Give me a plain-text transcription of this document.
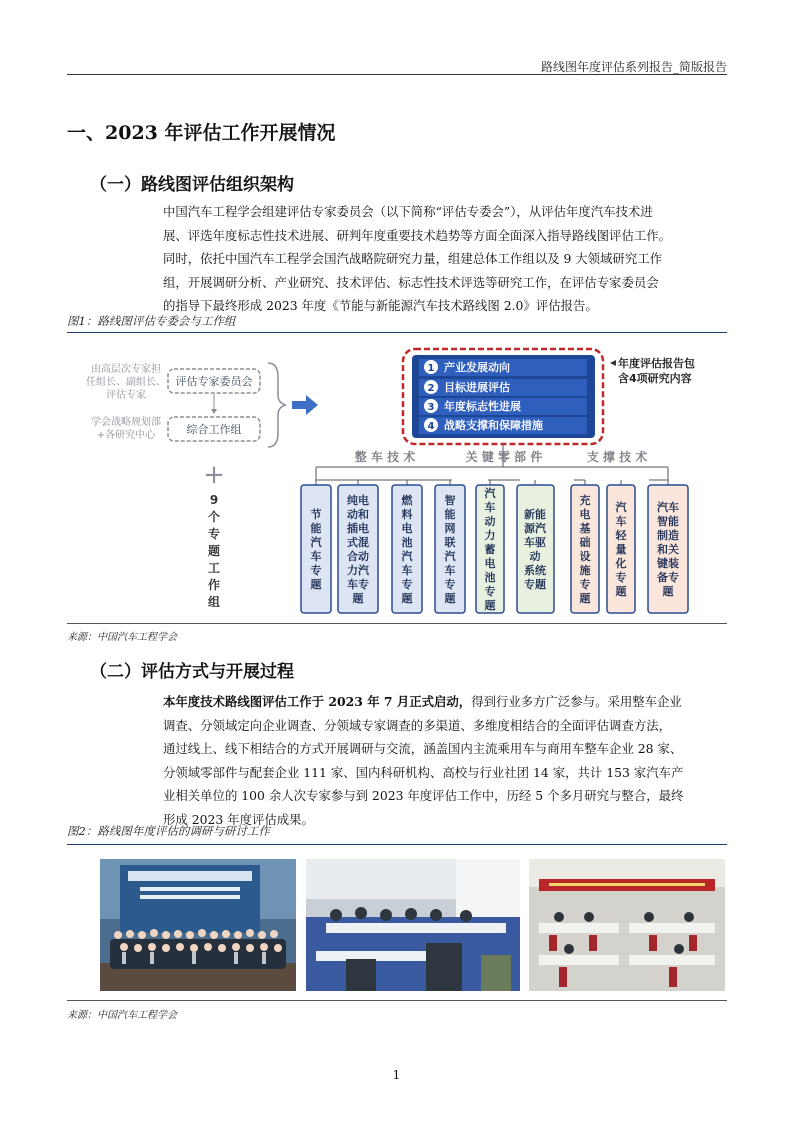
路线图年度评估系列报告_简版报告
一、2023 年评估工作开展情况
（一）路线图评估组织架构
中国汽车工程学会组建评估专家委员会（以下简称“评估专委会”），从评估年度汽车技术进
展、评选年度标志性技术进展、研判年度重要技术趋势等方面全面深入指导路线图评估工作。
同时，依托中国汽车工程学会国汽战略院研究力量，组建总体工作组以及 9 大领域研究工作
组，开展调研分析、产业研究、技术评估、标志性技术评选等研究工作，在评估专家委员会
的指导下最终形成 2023 年度《节能与新能源汽车技术路线图 2.0》评估报告。
图1：路线图评估专委会与工作组
由高层次专家担
任组长、副组长、
评估专家
学会战略规划部
+各研究中心
评估专家委员会
综合工作组
+
9
个
专
题
工
作
组
1 产业发展动向
2 目标进展评估
3 年度标志性进展
4 战略支撑和保障措施
年度评估报告包
含4项研究内容
整 车 技 术	关 键 零 部 件	支 撑 技 术
节
能
汽
车
专
题
纯电
动和
插电
式混
合动
力汽
车专
题
燃
料
电
池
汽
车
专
题
智
能
网
联
汽
车
专
题
汽
车
动
力
蓄
电
池
专
题
新能
源汽
车驱
动
系统
专题
充
电
基
础
设
施
专
题
汽
车
轻
量
化
专
题
汽车
智能
制造
和关
键装
备专
题
来源：中国汽车工程学会
（二）评估方式与开展过程
本年度技术路线图评估工作于 2023 年 7 月正式启动，得到行业多方广泛参与。采用整车企业
调查、分领域定向企业调查、分领域专家调查的多渠道、多维度相结合的全面评估调查方法，
通过线上、线下相结合的方式开展调研与交流，涵盖国内主流乘用车与商用车整车企业 28 家、
分领域零部件与配套企业 111 家、国内科研机构、高校与行业社团 14 家，共计 153 家汽车产
业相关单位的 100 余人次专家参与到 2023 年度评估工作中，历经 5 个多月研究与整合，最终
形成 2023 年度评估成果。
图2：路线图年度评估的调研与研讨工作
来源：中国汽车工程学会
1
